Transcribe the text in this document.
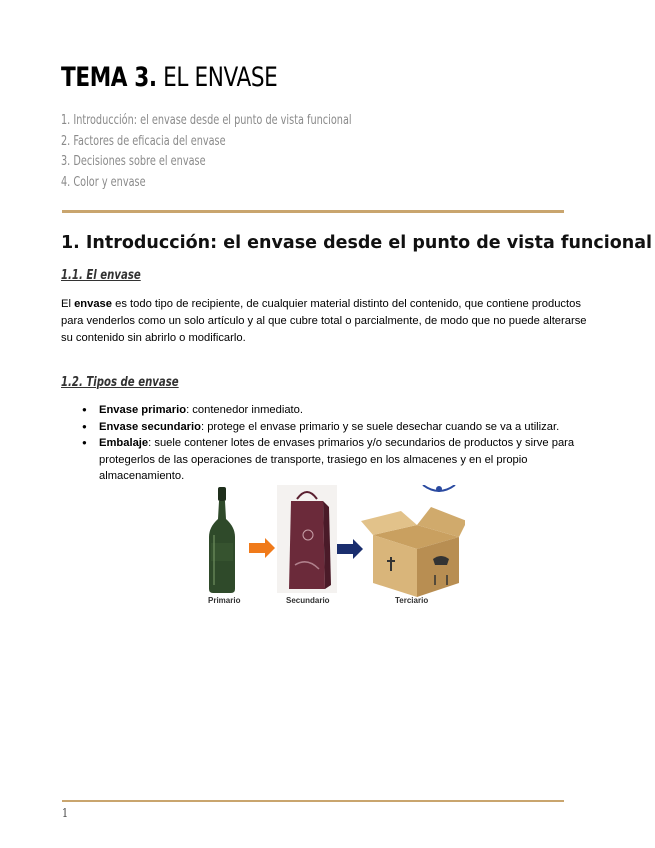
TEMA 3. EL ENVASE
1. Introducción: el envase desde el punto de vista funcional
2. Factores de eficacia del envase
3. Decisiones sobre el envase
4. Color y envase
1. Introducción: el envase desde el punto de vista funcional
1.1. El envase

El envase es todo tipo de recipiente, de cualquier material distinto del contenido, que contiene productos para venderlos como un solo artículo y al que cubre total o parcialmente, de modo que no puede alterarse su contenido sin abrirlo o modificarlo.

1.2. Tipos de envase
● Envase primario: contenedor inmediato.
● Envase secundario: protege el envase primario y se suele desechar cuando se va a utilizar.
● Embalaje: suele contener lotes de envases primarios y/o secundarios de productos y sirve para protegerlos de las operaciones de transporte, trasiego en los almacenes y en el propio almacenamiento.
Primario	Secundario	Terciario
1
